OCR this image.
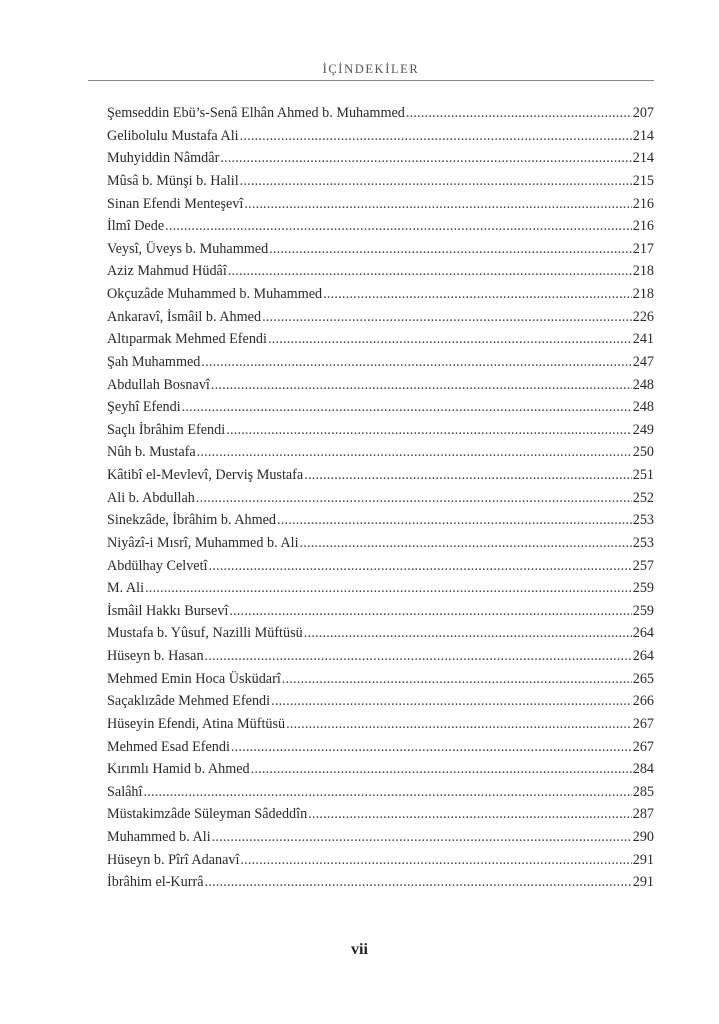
İÇİNDEKİLER
Şemseddin Ebü’s-Senâ Elhân Ahmed b. Muhammed .....	207
Gelibolulu Mustafa Ali .....	214
Muhyiddin Nâmdâr .....	214
Mûsâ b. Münşi b. Halil .....	215
Sinan Efendi Menteşevî .....	216
İlmî Dede .....	216
Veysî, Üveys b. Muhammed .....	217
Aziz Mahmud Hüdâî .....	218
Okçuzâde Muhammed b. Muhammed .....	218
Ankaravî, İsmâil b. Ahmed .....	226
Altıparmak Mehmed Efendi .....	241
Şah Muhammed .....	247
Abdullah Bosnavî .....	248
Şeyhî Efendi .....	248
Saçlı İbrâhim Efendi .....	249
Nûh b. Mustafa .....	250
Kâtibî el-Mevlevî, Derviş Mustafa .....	251
Ali b. Abdullah .....	252
Sinekzâde, İbrâhim b. Ahmed .....	253
Niyâzî-i Mısrî, Muhammed b. Ali .....	253
Abdülhay Celvetî .....	257
M. Ali .....	259
İsmâil Hakkı Bursevî .....	259
Mustafa b. Yûsuf, Nazilli Müftüsü .....	264
Hüseyn b. Hasan .....	264
Mehmed Emin Hoca Üsküdarî .....	265
Saçaklızâde Mehmed Efendi .....	266
Hüseyin Efendi, Atina Müftüsü .....	267
Mehmed Esad Efendi .....	267
Kırımlı Hamid b. Ahmed .....	284
Salâhî .....	285
Müstakimzâde Süleyman Sâdeddîn .....	287
Muhammed b. Ali .....	290
Hüseyn b. Pîrî Adanavî .....	291
İbrâhim el-Kurrâ .....	291
vii
